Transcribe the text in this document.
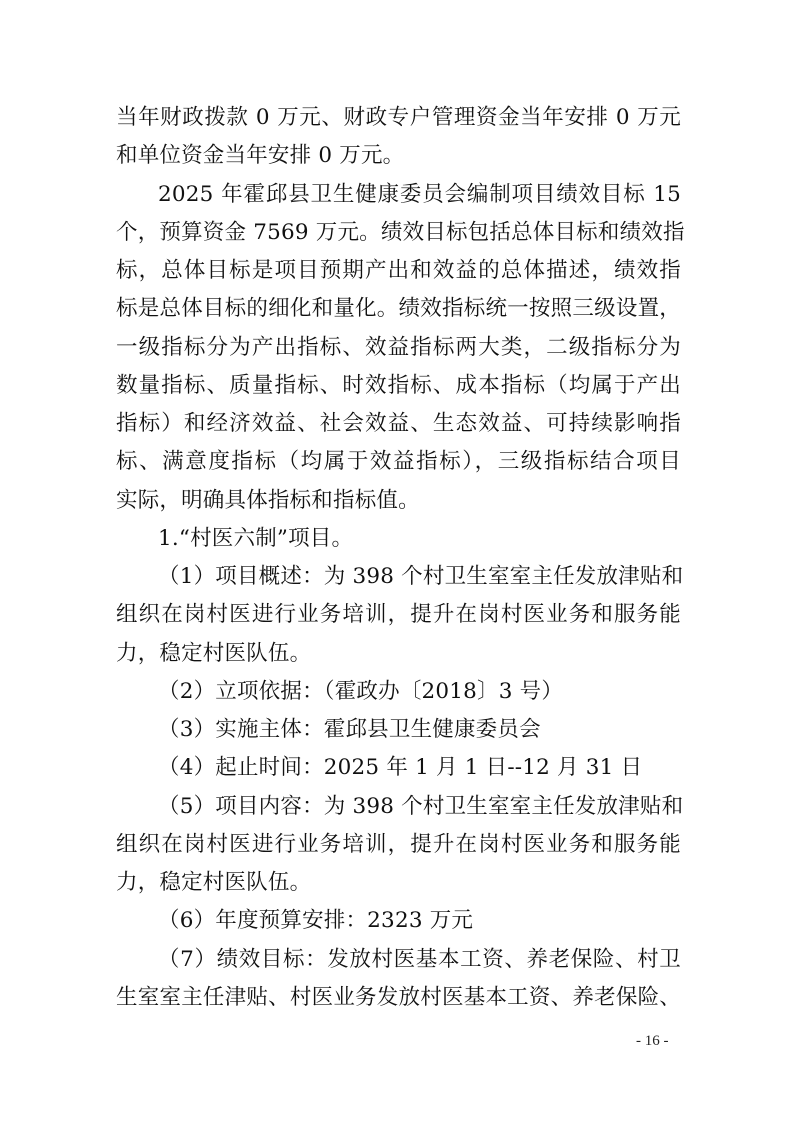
当年财政拨款 0 万元、财政专户管理资金当年安排 0 万元
和单位资金当年安排 0 万元。
2025 年霍邱县卫生健康委员会编制项目绩效目标 15
个，预算资金 7569 万元。绩效目标包括总体目标和绩效指
标，总体目标是项目预期产出和效益的总体描述，绩效指
标是总体目标的细化和量化。绩效指标统一按照三级设置，
一级指标分为产出指标、效益指标两大类，二级指标分为
数量指标、质量指标、时效指标、成本指标（均属于产出
指标）和经济效益、社会效益、生态效益、可持续影响指
标、满意度指标（均属于效益指标），三级指标结合项目
实际，明确具体指标和指标值。
1.“村医六制”项目。
（1）项目概述：为 398 个村卫生室室主任发放津贴和
组织在岗村医进行业务培训，提升在岗村医业务和服务能
力，稳定村医队伍。
（2）立项依据：（霍政办〔2018〕3 号）
（3）实施主体：霍邱县卫生健康委员会
（4）起止时间：2025 年 1 月 1 日--12 月 31 日
（5）项目内容：为 398 个村卫生室室主任发放津贴和
组织在岗村医进行业务培训，提升在岗村医业务和服务能
力，稳定村医队伍。
（6）年度预算安排：2323 万元
（7）绩效目标：发放村医基本工资、养老保险、村卫
生室室主任津贴、村医业务发放村医基本工资、养老保险、
- 16 -
